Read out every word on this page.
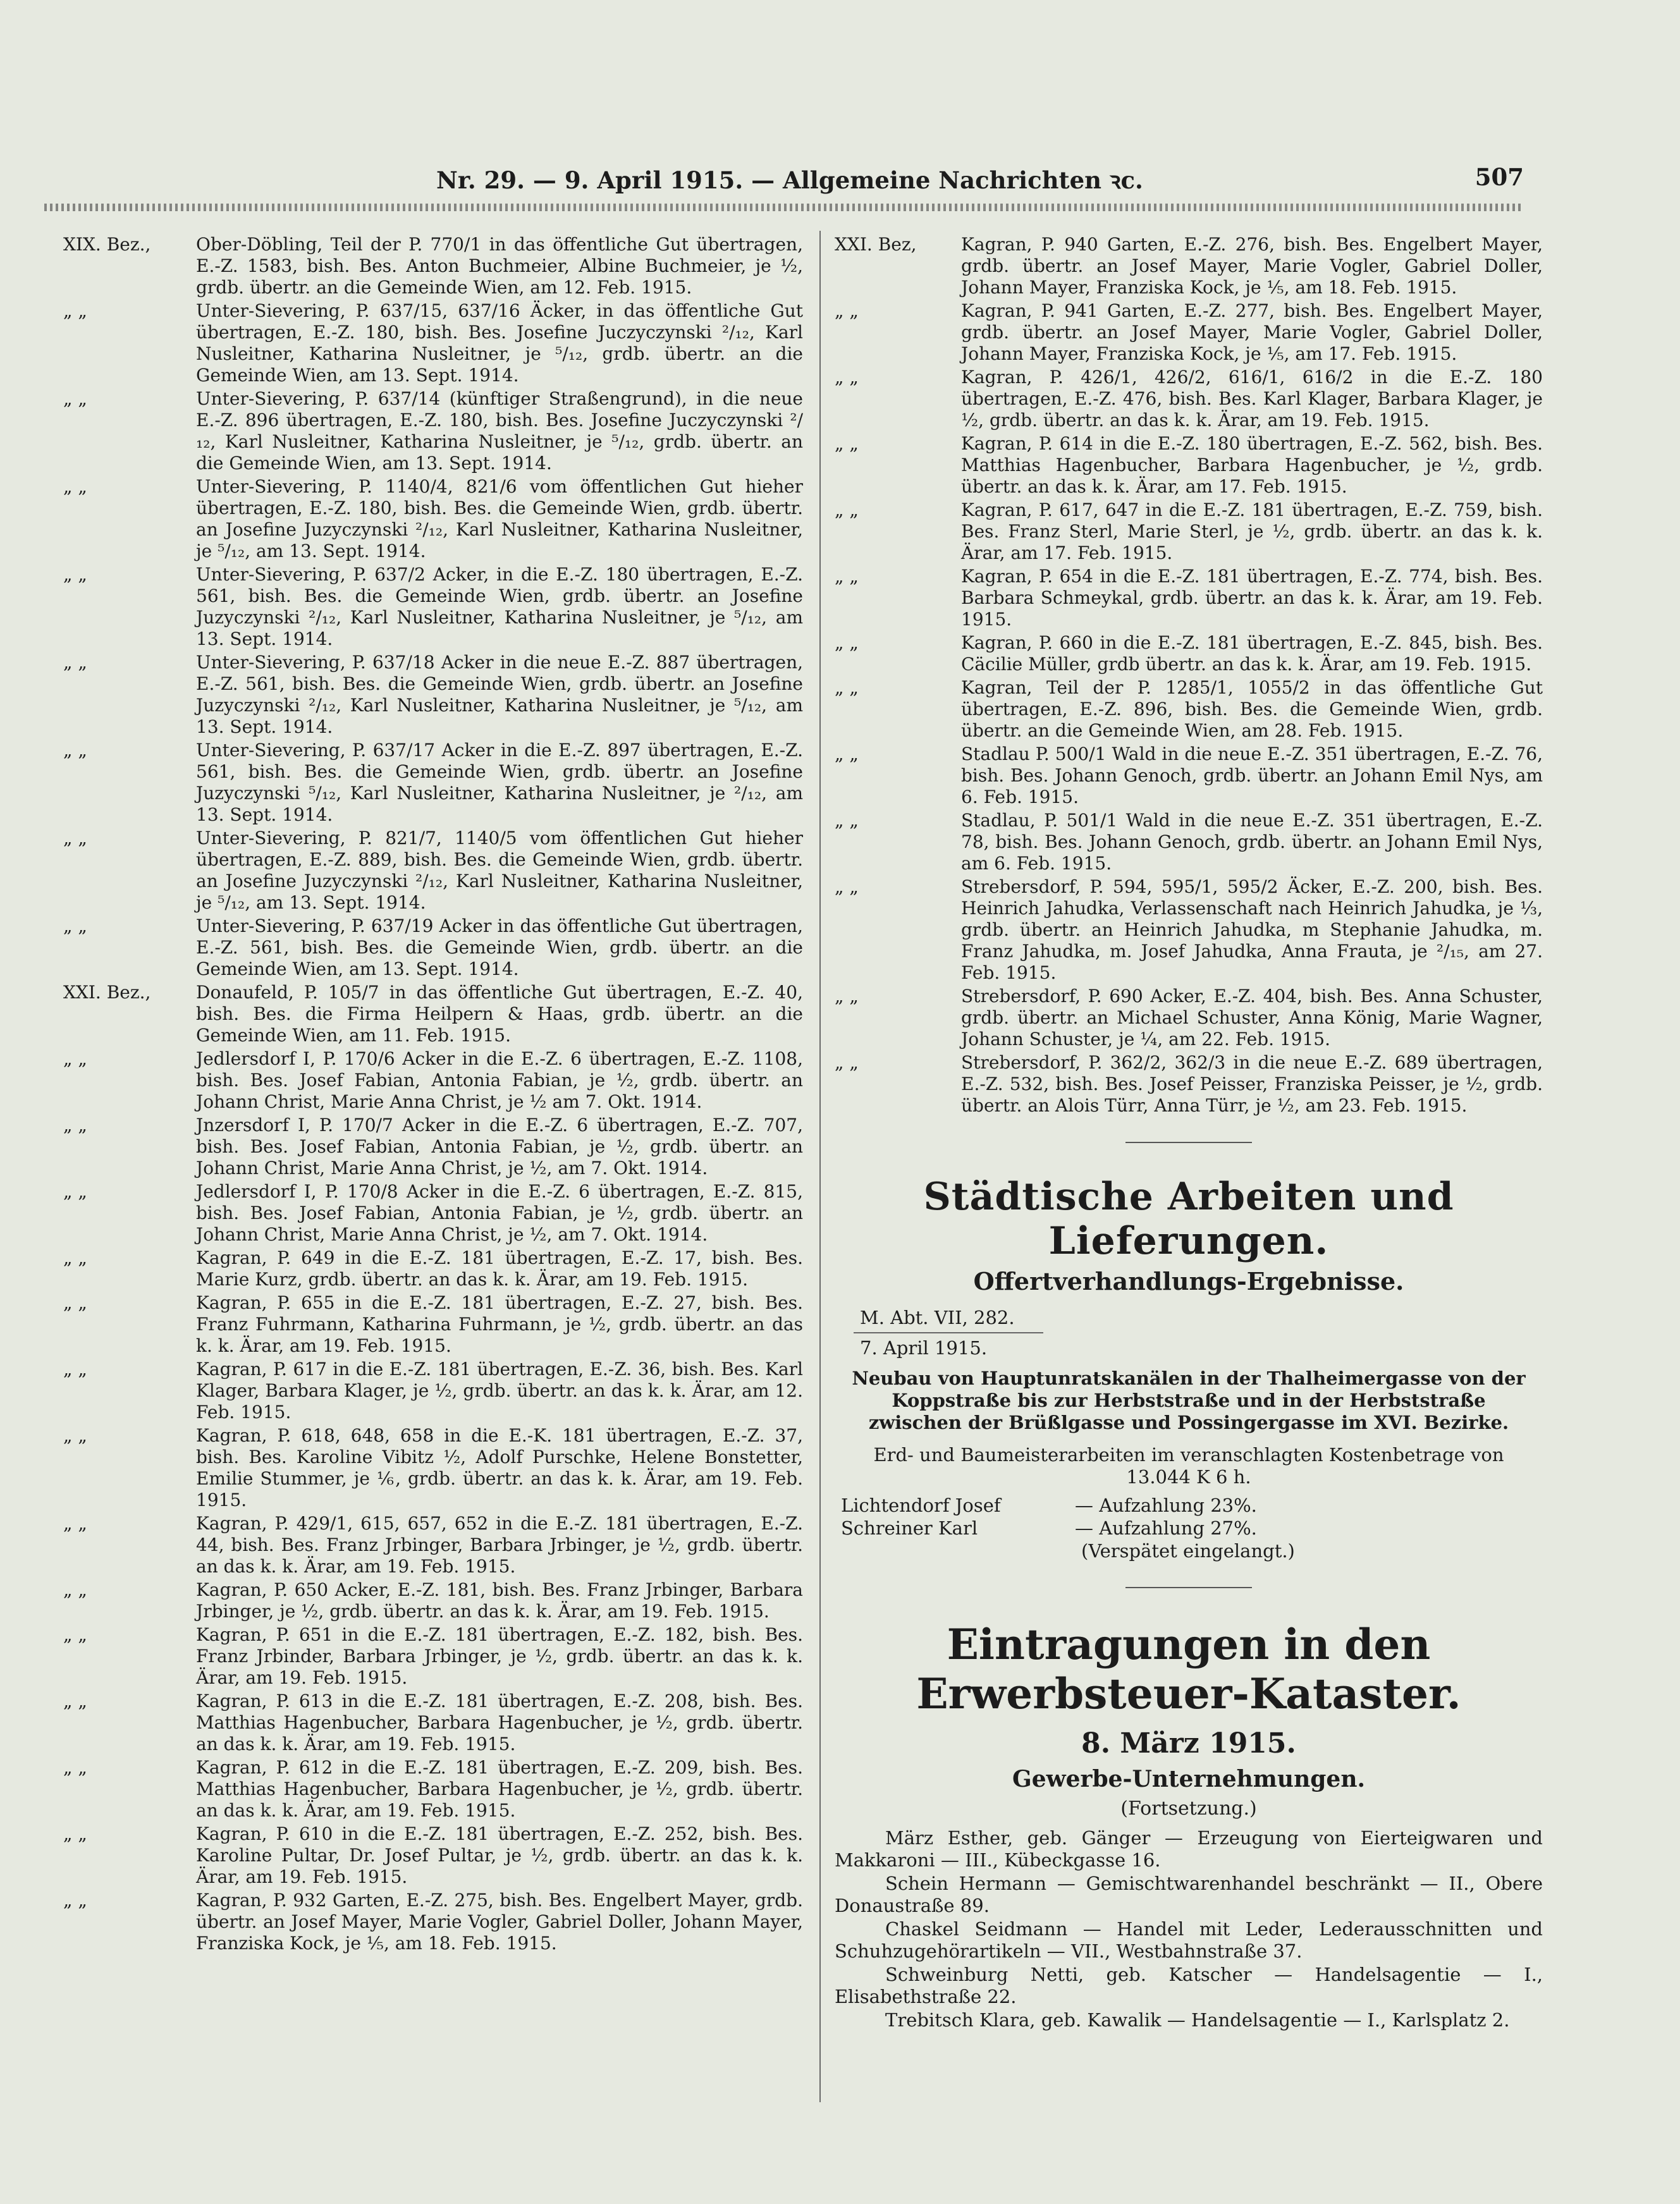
Nr. 29. — 9. April 1915. — Allgemeine Nachrichten ꝛc.	507
XIX. Bez.,	Ober-Döbling, Teil der P. 770/1 in das öffentliche Gut übertragen, E.-Z. 1583, bish. Bes. Anton Buchmeier, Albine Buchmeier, je ½, grdb. übertr. an die Gemeinde Wien, am 12. Feb. 1915.
„ „	Unter-Sievering, P. 637/15, 637/16 Äcker, in das öffentliche Gut übertragen, E.-Z. 180, bish. Bes. Josefine Juczyczynski ²/₁₂, Karl Nusleitner, Katharina Nusleitner, je ⁵/₁₂, grdb. übertr. an die Gemeinde Wien, am 13. Sept. 1914.
„ „	Unter-Sievering, P. 637/14 (künftiger Straßengrund), in die neue E.-Z. 896 übertragen, E.-Z. 180, bish. Bes. Josefine Juczyczynski ²/₁₂, Karl Nusleitner, Katharina Nusleitner, je ⁵/₁₂, grdb. übertr. an die Gemeinde Wien, am 13. Sept. 1914.
„ „	Unter-Sievering, P. 1140/4, 821/6 vom öffentlichen Gut hieher übertragen, E.-Z. 180, bish. Bes. die Gemeinde Wien, grdb. übertr. an Josefine Juzyczynski ²/₁₂, Karl Nusleitner, Katharina Nusleitner, je ⁵/₁₂, am 13. Sept. 1914.
„ „	Unter-Sievering, P. 637/2 Acker, in die E.-Z. 180 übertragen, E.-Z. 561, bish. Bes. die Gemeinde Wien, grdb. übertr. an Josefine Juzyczynski ²/₁₂, Karl Nusleitner, Katharina Nusleitner, je ⁵/₁₂, am 13. Sept. 1914.
„ „	Unter-Sievering, P. 637/18 Acker in die neue E.-Z. 887 übertragen, E.-Z. 561, bish. Bes. die Gemeinde Wien, grdb. übertr. an Josefine Juzyczynski ²/₁₂, Karl Nusleitner, Katharina Nusleitner, je ⁵/₁₂, am 13. Sept. 1914.
„ „	Unter-Sievering, P. 637/17 Acker in die E.-Z. 897 übertragen, E.-Z. 561, bish. Bes. die Gemeinde Wien, grdb. übertr. an Josefine Juzyczynski ⁵/₁₂, Karl Nusleitner, Katharina Nusleitner, je ²/₁₂, am 13. Sept. 1914.
„ „	Unter-Sievering, P. 821/7, 1140/5 vom öffentlichen Gut hieher übertragen, E.-Z. 889, bish. Bes. die Gemeinde Wien, grdb. übertr. an Josefine Juzyczynski ²/₁₂, Karl Nusleitner, Katharina Nusleitner, je ⁵/₁₂, am 13. Sept. 1914.
„ „	Unter-Sievering, P. 637/19 Acker in das öffentliche Gut übertragen, E.-Z. 561, bish. Bes. die Gemeinde Wien, grdb. übertr. an die Gemeinde Wien, am 13. Sept. 1914.
XXI. Bez.,	Donaufeld, P. 105/7 in das öffentliche Gut übertragen, E.-Z. 40, bish. Bes. die Firma Heilpern & Haas, grdb. übertr. an die Gemeinde Wien, am 11. Feb. 1915.
„ „	Jedlersdorf I, P. 170/6 Acker in die E.-Z. 6 übertragen, E.-Z. 1108, bish. Bes. Josef Fabian, Antonia Fabian, je ½, grdb. übertr. an Johann Christ, Marie Anna Christ, je ½ am 7. Okt. 1914.
„ „	Jnzersdorf I, P. 170/7 Acker in die E.-Z. 6 übertragen, E.-Z. 707, bish. Bes. Josef Fabian, Antonia Fabian, je ½, grdb. übertr. an Johann Christ, Marie Anna Christ, je ½, am 7. Okt. 1914.
„ „	Jedlersdorf I, P. 170/8 Acker in die E.-Z. 6 übertragen, E.-Z. 815, bish. Bes. Josef Fabian, Antonia Fabian, je ½, grdb. übertr. an Johann Christ, Marie Anna Christ, je ½, am 7. Okt. 1914.
„ „	Kagran, P. 649 in die E.-Z. 181 übertragen, E.-Z. 17, bish. Bes. Marie Kurz, grdb. übertr. an das k. k. Ärar, am 19. Feb. 1915.
„ „	Kagran, P. 655 in die E.-Z. 181 übertragen, E.-Z. 27, bish. Bes. Franz Fuhrmann, Katharina Fuhrmann, je ½, grdb. übertr. an das k. k. Ärar, am 19. Feb. 1915.
„ „	Kagran, P. 617 in die E.-Z. 181 übertragen, E.-Z. 36, bish. Bes. Karl Klager, Barbara Klager, je ½, grdb. übertr. an das k. k. Ärar, am 12. Feb. 1915.
„ „	Kagran, P. 618, 648, 658 in die E.-K. 181 übertragen, E.-Z. 37, bish. Bes. Karoline Vibitz ½, Adolf Purschke, Helene Bonstetter, Emilie Stummer, je ⅙, grdb. übertr. an das k. k. Ärar, am 19. Feb. 1915.
„ „	Kagran, P. 429/1, 615, 657, 652 in die E.-Z. 181 übertragen, E.-Z. 44, bish. Bes. Franz Jrbinger, Barbara Jrbinger, je ½, grdb. übertr. an das k. k. Ärar, am 19. Feb. 1915.
„ „	Kagran, P. 650 Acker, E.-Z. 181, bish. Bes. Franz Jrbinger, Barbara Jrbinger, je ½, grdb. übertr. an das k. k. Ärar, am 19. Feb. 1915.
„ „	Kagran, P. 651 in die E.-Z. 181 übertragen, E.-Z. 182, bish. Bes. Franz Jrbinder, Barbara Jrbinger, je ½, grdb. übertr. an das k. k. Ärar, am 19. Feb. 1915.
„ „	Kagran, P. 613 in die E.-Z. 181 übertragen, E.-Z. 208, bish. Bes. Matthias Hagenbucher, Barbara Hagenbucher, je ½, grdb. übertr. an das k. k. Ärar, am 19. Feb. 1915.
„ „	Kagran, P. 612 in die E.-Z. 181 übertragen, E.-Z. 209, bish. Bes. Matthias Hagenbucher, Barbara Hagenbucher, je ½, grdb. übertr. an das k. k. Ärar, am 19. Feb. 1915.
„ „	Kagran, P. 610 in die E.-Z. 181 übertragen, E.-Z. 252, bish. Bes. Karoline Pultar, Dr. Josef Pultar, je ½, grdb. übertr. an das k. k. Ärar, am 19. Feb. 1915.
„ „	Kagran, P. 932 Garten, E.-Z. 275, bish. Bes. Engelbert Mayer, grdb. übertr. an Josef Mayer, Marie Vogler, Gabriel Doller, Johann Mayer, Franziska Kock, je ⅕, am 18. Feb. 1915.
XXI. Bez,	Kagran, P. 940 Garten, E.-Z. 276, bish. Bes. Engelbert Mayer, grdb. übertr. an Josef Mayer, Marie Vogler, Gabriel Doller, Johann Mayer, Franziska Kock, je ⅕, am 18. Feb. 1915.
„ „	Kagran, P. 941 Garten, E.-Z. 277, bish. Bes. Engelbert Mayer, grdb. übertr. an Josef Mayer, Marie Vogler, Gabriel Doller, Johann Mayer, Franziska Kock, je ⅕, am 17. Feb. 1915.
„ „	Kagran, P. 426/1, 426/2, 616/1, 616/2 in die E.-Z. 180 übertragen, E.-Z. 476, bish. Bes. Karl Klager, Barbara Klager, je ½, grdb. übertr. an das k. k. Ärar, am 19. Feb. 1915.
„ „	Kagran, P. 614 in die E.-Z. 180 übertragen, E.-Z. 562, bish. Bes. Matthias Hagenbucher, Barbara Hagenbucher, je ½, grdb. übertr. an das k. k. Ärar, am 17. Feb. 1915.
„ „	Kagran, P. 617, 647 in die E.-Z. 181 übertragen, E.-Z. 759, bish. Bes. Franz Sterl, Marie Sterl, je ½, grdb. übertr. an das k. k. Ärar, am 17. Feb. 1915.
„ „	Kagran, P. 654 in die E.-Z. 181 übertragen, E.-Z. 774, bish. Bes. Barbara Schmeykal, grdb. übertr. an das k. k. Ärar, am 19. Feb. 1915.
„ „	Kagran, P. 660 in die E.-Z. 181 übertragen, E.-Z. 845, bish. Bes. Cäcilie Müller, grdb übertr. an das k. k. Ärar, am 19. Feb. 1915.
„ „	Kagran, Teil der P. 1285/1, 1055/2 in das öffentliche Gut übertragen, E.-Z. 896, bish. Bes. die Gemeinde Wien, grdb. übertr. an die Gemeinde Wien, am 28. Feb. 1915.
„ „	Stadlau P. 500/1 Wald in die neue E.-Z. 351 übertragen, E.-Z. 76, bish. Bes. Johann Genoch, grdb. übertr. an Johann Emil Nys, am 6. Feb. 1915.
„ „	Stadlau, P. 501/1 Wald in die neue E.-Z. 351 übertragen, E.-Z. 78, bish. Bes. Johann Genoch, grdb. übertr. an Johann Emil Nys, am 6. Feb. 1915.
„ „	Strebersdorf, P. 594, 595/1, 595/2 Äcker, E.-Z. 200, bish. Bes. Heinrich Jahudka, Verlassenschaft nach Heinrich Jahudka, je ⅓, grdb. übertr. an Heinrich Jahudka, m Stephanie Jahudka, m. Franz Jahudka, m. Josef Jahudka, Anna Frauta, je ²/₁₅, am 27. Feb. 1915.
„ „	Strebersdorf, P. 690 Acker, E.-Z. 404, bish. Bes. Anna Schuster, grdb. übertr. an Michael Schuster, Anna König, Marie Wagner, Johann Schuster, je ¼, am 22. Feb. 1915.
„ „	Strebersdorf, P. 362/2, 362/3 in die neue E.-Z. 689 übertragen, E.-Z. 532, bish. Bes. Josef Peisser, Franziska Peisser, je ½, grdb. übertr. an Alois Türr, Anna Türr, je ½, am 23. Feb. 1915.
Städtische Arbeiten und Lieferungen.
Offertverhandlungs-Ergebnisse.
M. Abt. VII, 282.
7. April 1915.
Neubau von Hauptunratskanälen in der Thalheimergasse von der Koppstraße bis zur Herbststraße und in der Herbststraße zwischen der Brüßlgasse und Possingergasse im XVI. Bezirke.
Erd- und Baumeisterarbeiten im veranschlagten Kostenbetrage von 13.044 K 6 h.
Lichtendorf Josef	— Aufzahlung 23%.
Schreiner Karl	— Aufzahlung 27%.
(Verspätet eingelangt.)
Eintragungen in den Erwerbsteuer-Kataster.
8. März 1915.
Gewerbe-Unternehmungen.
(Fortsetzung.)

März Esther, geb. Gänger — Erzeugung von Eierteigwaren und Makkaroni — III., Kübeckgasse 16.

Schein Hermann — Gemischtwarenhandel beschränkt — II., Obere Donaustraße 89.

Chaskel Seidmann — Handel mit Leder, Lederausschnitten und Schuhzugehörartikeln — VII., Westbahnstraße 37.

Schweinburg Netti, geb. Katscher — Handelsagentie — I., Elisabethstraße 22.

Trebitsch Klara, geb. Kawalik — Handelsagentie — I., Karlsplatz 2.
